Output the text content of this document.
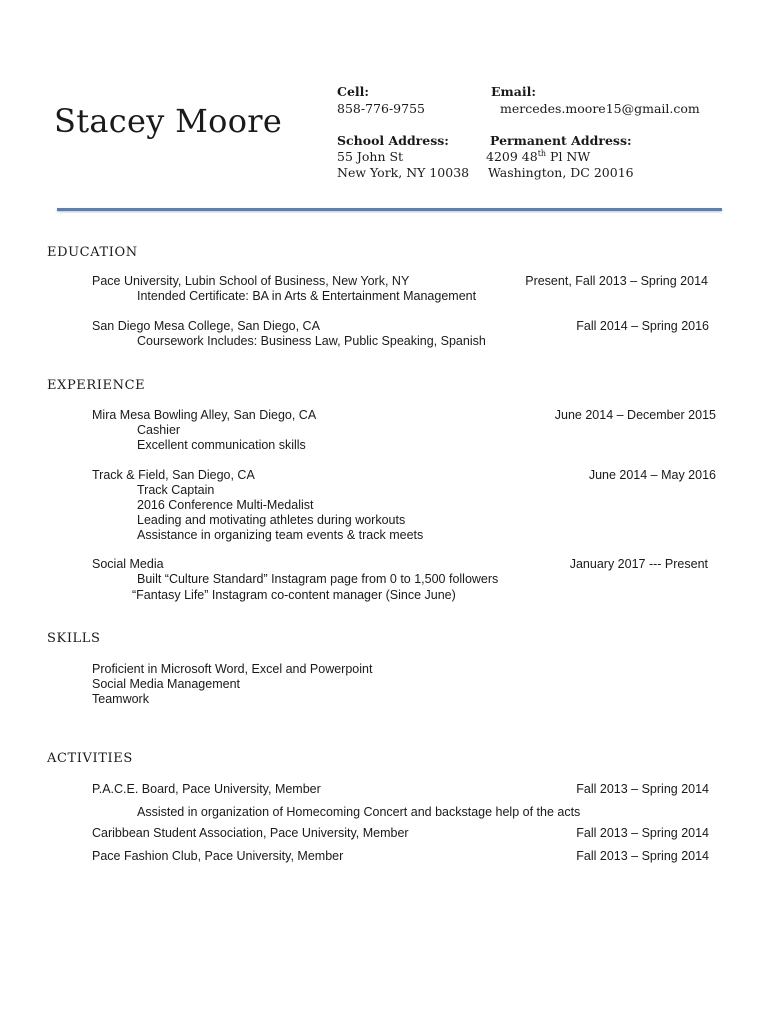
Stacey Moore
Cell:
858-776-9755
Email:
mercedes.moore15@gmail.com
School Address:
55 John St
New York, NY 10038
Permanent Address:
4209 48th Pl NW
Washington, DC 20016
EDUCATION
Pace University, Lubin School of Business, New York, NY	Present, Fall 2013 – Spring 2014
Intended Certificate: BA in Arts & Entertainment Management
San Diego Mesa College, San Diego, CA	Fall 2014 – Spring 2016
Coursework Includes: Business Law, Public Speaking, Spanish
EXPERIENCE
Mira Mesa Bowling Alley, San Diego, CA	June 2014 – December 2015
Cashier
Excellent communication skills
Track & Field, San Diego, CA	June 2014 – May 2016
Track Captain
2016 Conference Multi-Medalist
Leading and motivating athletes during workouts
Assistance in organizing team events & track meets
Social Media	January 2017 --- Present
Built “Culture Standard” Instagram page from 0 to 1,500 followers
“Fantasy Life” Instagram co-content manager (Since June)
SKILLS
Proficient in Microsoft Word, Excel and Powerpoint
Social Media Management
Teamwork
ACTIVITIES
P.A.C.E. Board, Pace University, Member	Fall 2013 – Spring 2014
Assisted in organization of Homecoming Concert and backstage help of the acts
Caribbean Student Association, Pace University, Member	Fall 2013 – Spring 2014
Pace Fashion Club, Pace University, Member	Fall 2013 – Spring 2014
